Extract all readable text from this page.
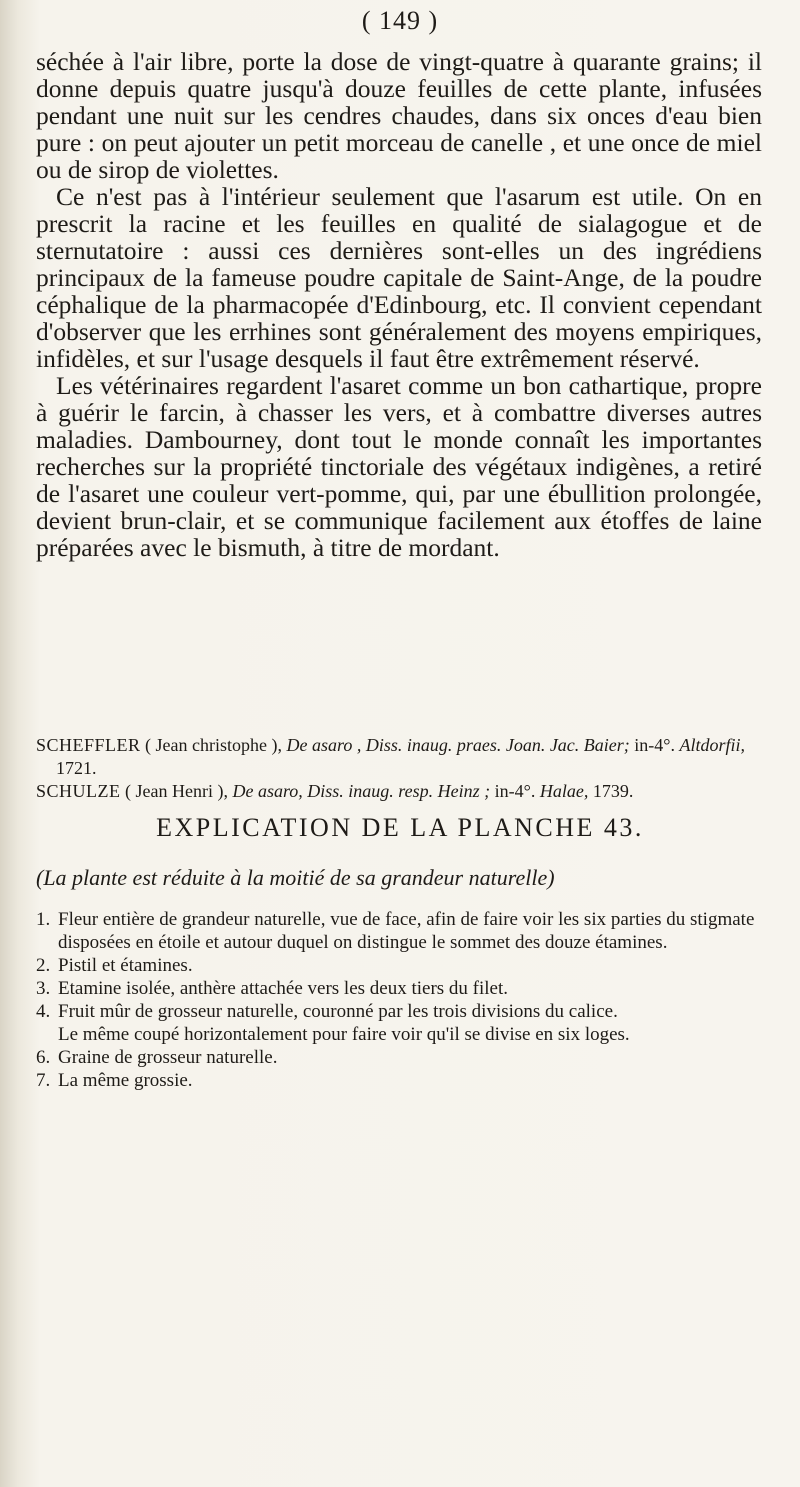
( 149 )

séchée à l'air libre, porte la dose de vingt-quatre à quarante grains; il donne depuis quatre jusqu'à douze feuilles de cette plante, infusées pendant une nuit sur les cendres chaudes, dans six onces d'eau bien pure : on peut ajouter un petit morceau de canelle , et une once de miel ou de sirop de violettes.

Ce n'est pas à l'intérieur seulement que l'asarum est utile. On en prescrit la racine et les feuilles en qualité de sialagogue et de sternutatoire : aussi ces dernières sont-elles un des ingrédiens principaux de la fameuse poudre capitale de Saint-Ange, de la poudre céphalique de la pharmacopée d'Edinbourg, etc. Il convient cependant d'observer que les errhines sont généralement des moyens empiriques, infidèles, et sur l'usage desquels il faut être extrêmement réservé.

Les vétérinaires regardent l'asaret comme un bon cathartique, propre à guérir le farcin, à chasser les vers, et à combattre diverses autres maladies. Dambourney, dont tout le monde connaît les importantes recherches sur la propriété tinctoriale des végétaux indigènes, a retiré de l'asaret une couleur vert-pomme, qui, par une ébullition prolongée, devient brun-clair, et se communique facilement aux étoffes de laine préparées avec le bismuth, à titre de mordant.

SCHEFFLER ( Jean christophe ), De asaro , Diss. inaug. praes. Joan. Jac. Baier; in-4°. Altdorfii, 1721.

SCHULZE ( Jean Henri ), De asaro, Diss. inaug. resp. Heinz ; in-4°. Halae, 1739.

EXPLICATION DE LA PLANCHE 43.
(La plante est réduite à la moitié de sa grandeur naturelle)
1. Fleur entière de grandeur naturelle, vue de face, afin de faire voir les six parties du stigmate disposées en étoile et autour duquel on distingue le sommet des douze étamines.
2. Pistil et étamines.
3. Etamine isolée, anthère attachée vers les deux tiers du filet.
4. Fruit mûr de grosseur naturelle, couronné par les trois divisions du calice.
Le même coupé horizontalement pour faire voir qu'il se divise en six loges.
6. Graine de grosseur naturelle.
7. La même grossie.
